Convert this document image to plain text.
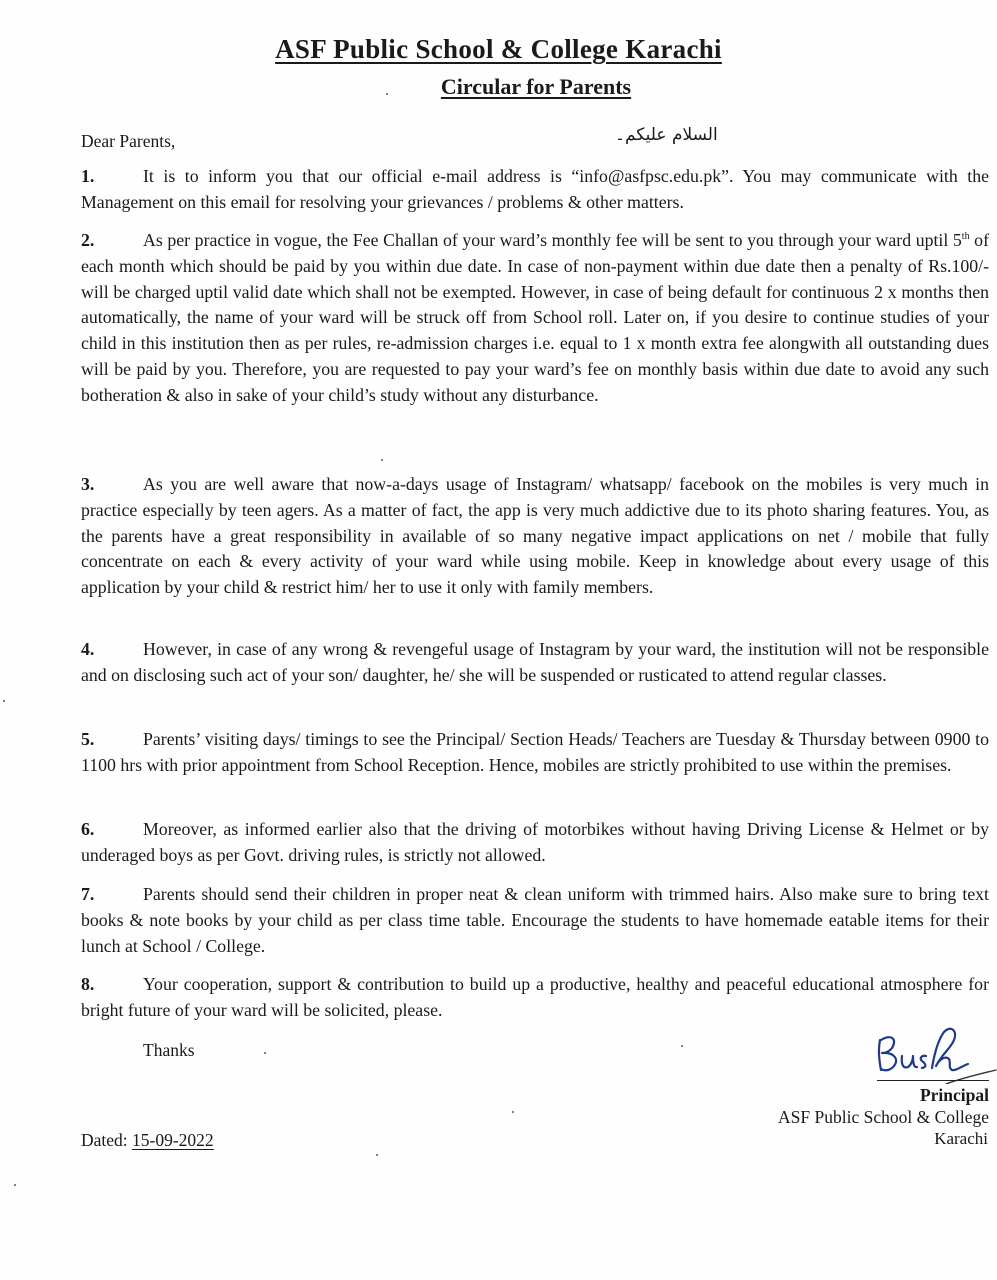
ASF Public School & College Karachi
Circular for Parents
Dear Parents,	السلام علیکم۔
1.	It is to inform you that our official e-mail address is “info@asfpsc.edu.pk”. You may communicate with the Management on this email for resolving your grievances / problems & other matters.
2.	As per practice in vogue, the Fee Challan of your ward’s monthly fee will be sent to you through your ward uptil 5th of each month which should be paid by you within due date. In case of non-payment within due date then a penalty of Rs.100/- will be charged uptil valid date which shall not be exempted. However, in case of being default for continuous 2 x months then automatically, the name of your ward will be struck off from School roll. Later on, if you desire to continue studies of your child in this institution then as per rules, re-admission charges i.e. equal to 1 x month extra fee alongwith all outstanding dues will be paid by you. Therefore, you are requested to pay your ward’s fee on monthly basis within due date to avoid any such botheration & also in sake of your child’s study without any disturbance.
3.	As you are well aware that now-a-days usage of Instagram/ whatsapp/ facebook on the mobiles is very much in practice especially by teen agers. As a matter of fact, the app is very much addictive due to its photo sharing features. You, as the parents have a great responsibility in available of so many negative impact applications on net / mobile that fully concentrate on each & every activity of your ward while using mobile. Keep in knowledge about every usage of this application by your child & restrict him/ her to use it only with family members.
4.	However, in case of any wrong & revengeful usage of Instagram by your ward, the institution will not be responsible and on disclosing such act of your son/ daughter, he/ she will be suspended or rusticated to attend regular classes.
5.	Parents’ visiting days/ timings to see the Principal/ Section Heads/ Teachers are Tuesday & Thursday between 0900 to 1100 hrs with prior appointment from School Reception. Hence, mobiles are strictly prohibited to use within the premises.
6.	Moreover, as informed earlier also that the driving of motorbikes without having Driving License & Helmet or by underaged boys as per Govt. driving rules, is strictly not allowed.
7.	Parents should send their children in proper neat & clean uniform with trimmed hairs. Also make sure to bring text books & note books by your child as per class time table. Encourage the students to have homemade eatable items for their lunch at School / College.
8.	Your cooperation, support & contribution to build up a productive, healthy and peaceful educational atmosphere for bright future of your ward will be solicited, please.
Thanks
Dated: 15-09-2022
Principal
ASF Public School & College
Karachi
